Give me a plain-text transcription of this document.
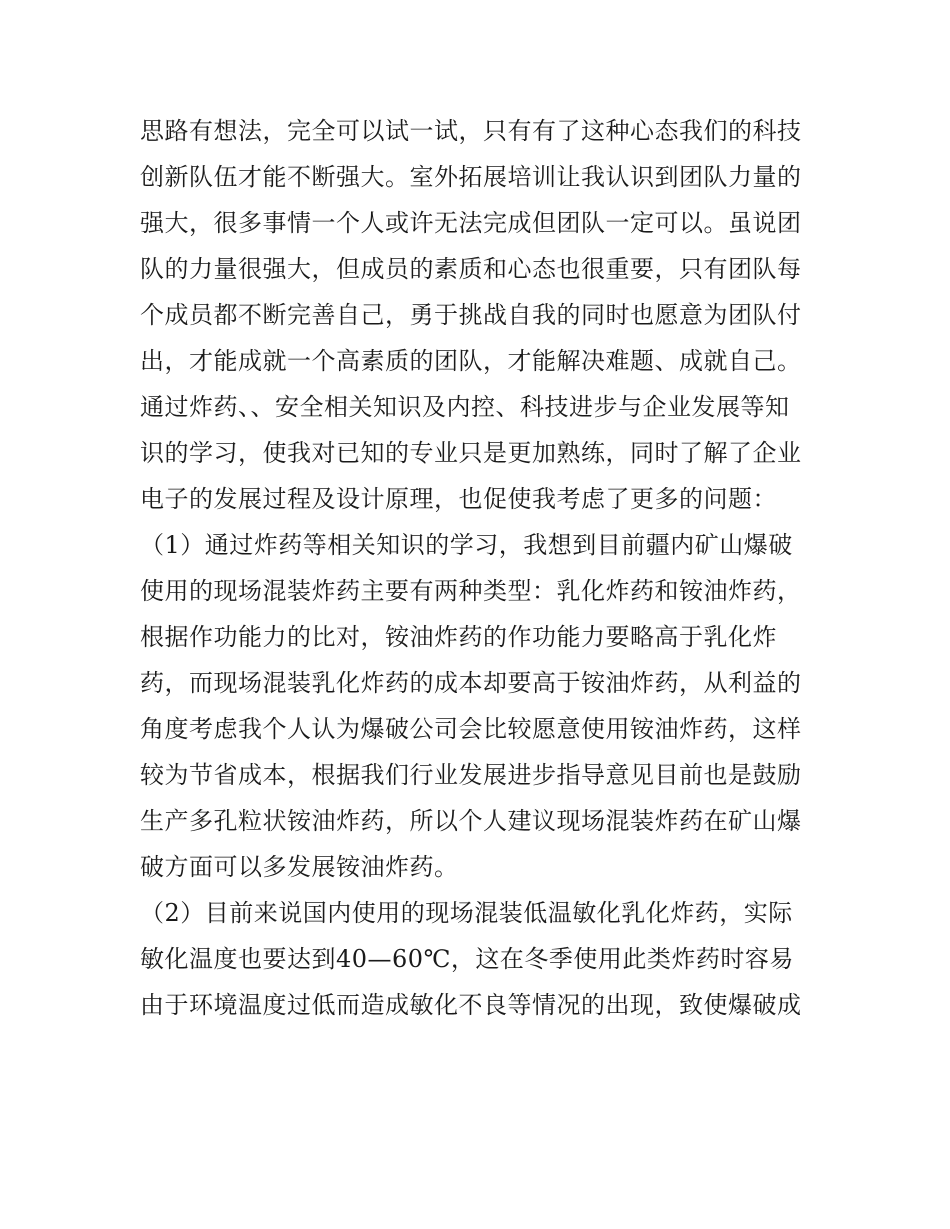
思路有想法，完全可以试一试，只有有了这种心态我们的科技
创新队伍才能不断强大。室外拓展培训让我认识到团队力量的
强大，很多事情一个人或许无法完成但团队一定可以。虽说团
队的力量很强大，但成员的素质和心态也很重要，只有团队每
个成员都不断完善自己，勇于挑战自我的同时也愿意为团队付
出，才能成就一个高素质的团队，才能解决难题、成就自己。
通过炸药、、安全相关知识及内控、科技进步与企业发展等知
识的学习，使我对已知的专业只是更加熟练，同时了解了企业
电子的发展过程及设计原理，也促使我考虑了更多的问题：
（1）通过炸药等相关知识的学习，我想到目前疆内矿山爆破
使用的现场混装炸药主要有两种类型：乳化炸药和铵油炸药，
根据作功能力的比对，铵油炸药的作功能力要略高于乳化炸
药，而现场混装乳化炸药的成本却要高于铵油炸药，从利益的
角度考虑我个人认为爆破公司会比较愿意使用铵油炸药，这样
较为节省成本，根据我们行业发展进步指导意见目前也是鼓励
生产多孔粒状铵油炸药，所以个人建议现场混装炸药在矿山爆
破方面可以多发展铵油炸药。
（2）目前来说国内使用的现场混装低温敏化乳化炸药，实际
敏化温度也要达到40—60℃，这在冬季使用此类炸药时容易
由于环境温度过低而造成敏化不良等情况的出现，致使爆破成
